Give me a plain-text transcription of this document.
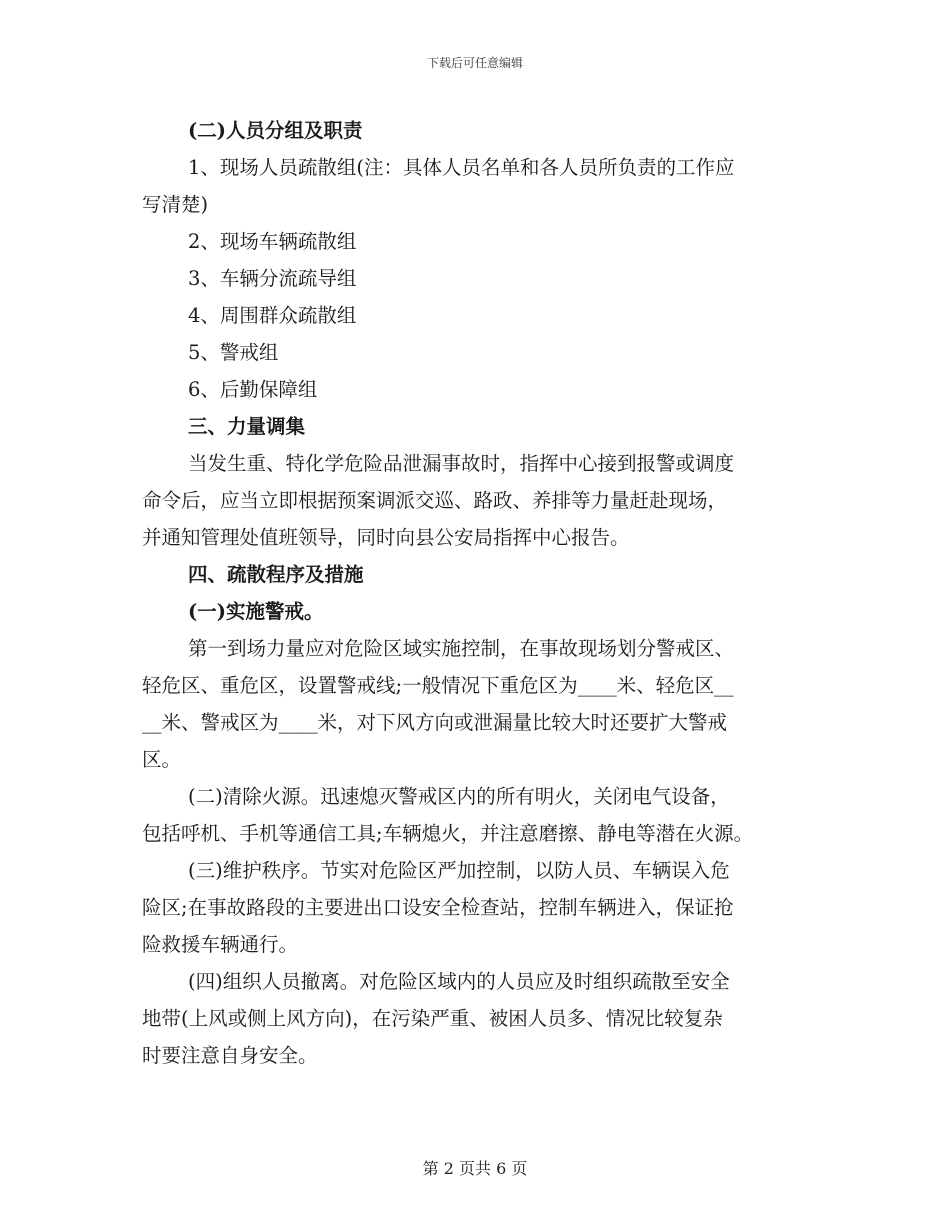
下载后可任意编辑
(二)人员分组及职责
1、现场人员疏散组(注：具体人员名单和各人员所负责的工作应
写清楚)
2、现场车辆疏散组
3、车辆分流疏导组
4、周围群众疏散组
5、警戒组
6、后勤保障组
三、力量调集
当发生重、特化学危险品泄漏事故时，指挥中心接到报警或调度
命令后，应当立即根据预案调派交巡、路政、养排等力量赶赴现场，
并通知管理处值班领导，同时向县公安局指挥中心报告。
四、疏散程序及措施
(一)实施警戒。
第一到场力量应对危险区域实施控制，在事故现场划分警戒区、
轻危区、重危区，设置警戒线;一般情况下重危区为____米、轻危区__
__米、警戒区为____米，对下风方向或泄漏量比较大时还要扩大警戒
区。
(二)清除火源。迅速熄灭警戒区内的所有明火，关闭电气设备，
包括呼机、手机等通信工具;车辆熄火，并注意磨擦、静电等潜在火源。
(三)维护秩序。节实对危险区严加控制，以防人员、车辆误入危
险区;在事故路段的主要进出口设安全检查站，控制车辆进入，保证抢
险救援车辆通行。
(四)组织人员撤离。对危险区域内的人员应及时组织疏散至安全
地带(上风或侧上风方向)，在污染严重、被困人员多、情况比较复杂
时要注意自身安全。
第 2 页共 6 页
